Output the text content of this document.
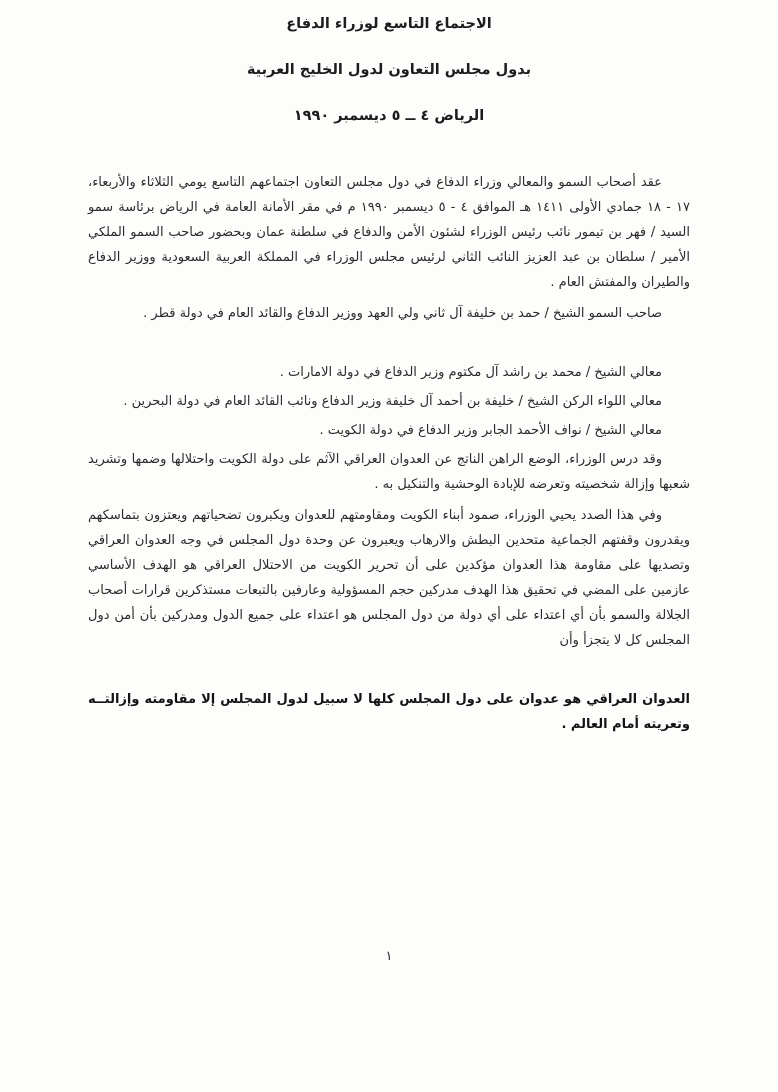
الاجتماع التاسع لوزراء الدفاع
بدول مجلس التعاون لدول الخليج العربية
الرياض ٤ ــ ٥ ديسمبر ١٩٩٠

عقد أصحاب السمو والمعالي وزراء الدفاع في دول مجلس التعاون اجتماعهم التاسع يومي الثلاثاء والأربعاء، ١٧ - ١٨ جمادي الأولى ١٤١١ هـ الموافق ٤ - ٥ ديسمبر ١٩٩٠ م في مقر الأمانة العامة في الرياض برئاسة سمو السيد / فهر بن تيمور نائب رئيس الوزراء لشئون الأمن والدفاع في سلطنة عمان وبحضور صاحب السمو الملكي الأمير / سلطان بن عبد العزيز النائب الثاني لرئيس مجلس الوزراء في المملكة العربية السعودية ووزير الدفاع والطيران والمفتش العام .

صاحب السمو الشيخ / حمد بن خليفة آل ثاني ولي العهد ووزير الدفاع والقائد العام في دولة قطر .

معالي الشيخ / محمد بن راشد آل مكتوم وزير الدفاع في دولة الامارات .

معالي اللواء الركن الشيخ / خليفة بن أحمد آل خليفة وزير الدفاع ونائب القائد العام في دولة البحرين .

معالي الشيخ / نواف الأحمد الجابر وزير الدفاع في دولة الكويت .

وقد درس الوزراء، الوضع الراهن الناتج عن العدوان العراقي الآثم على دولة الكويت واحتلالها وضمها وتشريد شعبها وإزالة شخصيته وتعرضه للإبادة الوحشية والتنكيل به .

وفي هذا الصدد يحيي الوزراء، صمود أبناء الكويت ومقاومتهم للعدوان ويكبرون تضحياتهم ويعتزون بتماسكهم ويقدرون وقفتهم الجماعية متحدين البطش والارهاب ويعبرون عن وحدة دول المجلس في وجه العدوان العراقي وتصديها على مقاومة هذا العدوان مؤكدين على أن تحرير الكويت من الاحتلال العراقي هو الهدف الأساسي عازمين على المضي في تحقيق هذا الهدف مدركين حجم المسؤولية وعارفين بالتبعات مستذكرين قرارات أصحاب الجلالة والسمو بأن أي اعتداء على أي دولة من دول المجلس هو اعتداء على جميع الدول ومدركين بأن أمن دول المجلس كل لا يتجزأ وأن

العدوان العراقي هو عدوان على دول المجلس كلها لا سبيل لدول المجلس إلا مقاومته وإزالتــه وتعريته أمام العالم .

١
